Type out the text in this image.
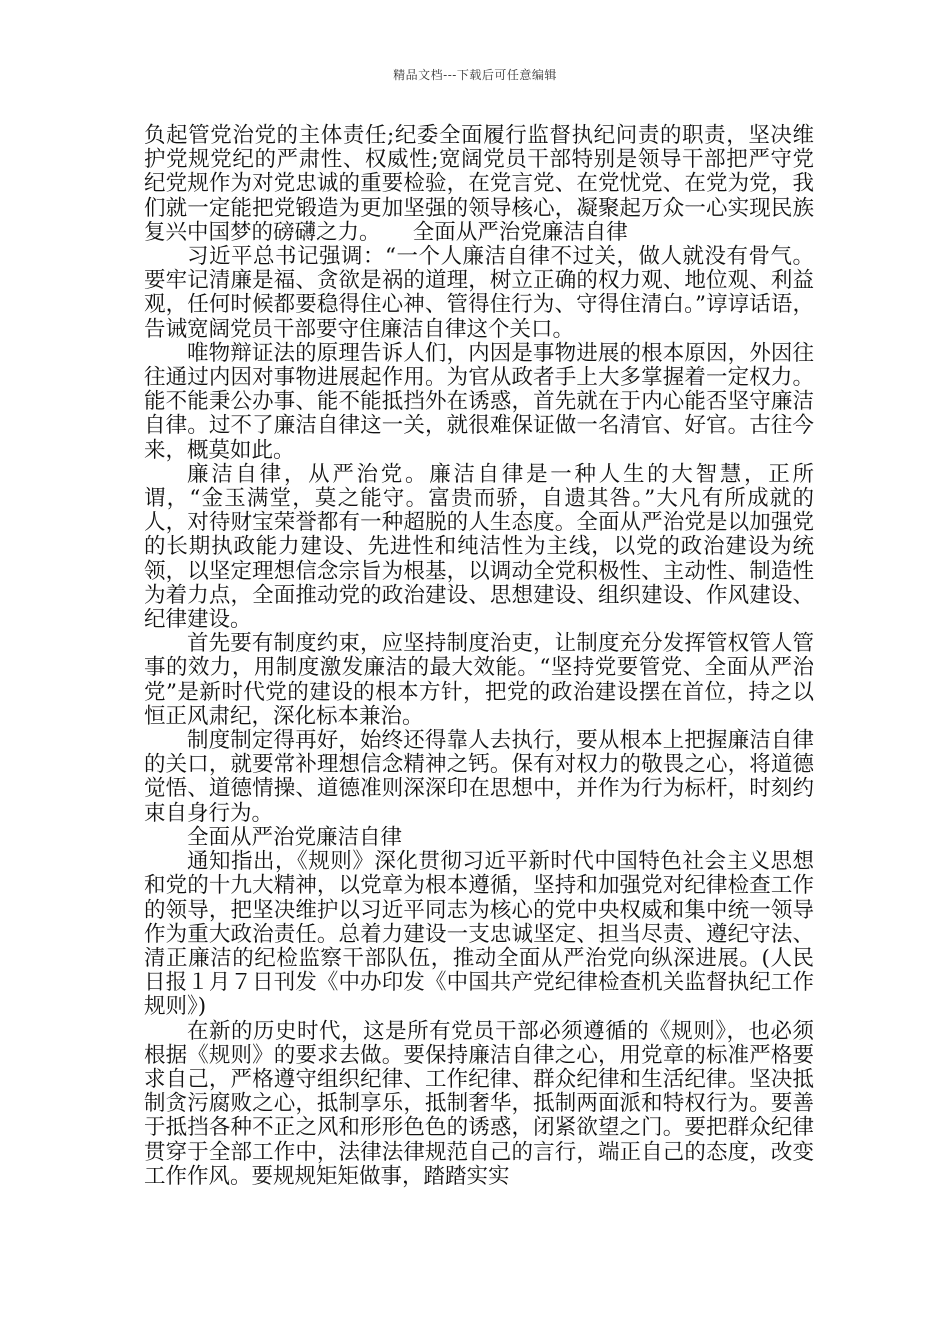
精品文档---下载后可任意编辑

负起管党治党的主体责任;纪委全面履行监督执纪问责的职责，坚决维护党规党纪的严肃性、权威性;宽阔党员干部特别是领导干部把严守党纪党规作为对党忠诚的重要检验，在党言党、在党忧党、在党为党，我们就一定能把党锻造为更加坚强的领导核心，凝聚起万众一心实现民族复兴中国梦的磅礴之力。　　全面从严治党廉洁自律

习近平总书记强调：“一个人廉洁自律不过关，做人就没有骨气。要牢记清廉是福、贪欲是祸的道理，树立正确的权力观、地位观、利益观，任何时候都要稳得住心神、管得住行为、守得住清白。”谆谆话语，告诫宽阔党员干部要守住廉洁自律这个关口。

唯物辩证法的原理告诉人们，内因是事物进展的根本原因，外因往往通过内因对事物进展起作用。为官从政者手上大多掌握着一定权力。能不能秉公办事、能不能抵挡外在诱惑，首先就在于内心能否坚守廉洁自律。过不了廉洁自律这一关，就很难保证做一名清官、好官。古往今来，概莫如此。

廉洁自律，从严治党。廉洁自律是一种人生的大智慧，正所谓，“金玉满堂，莫之能守。富贵而骄，自遗其咎。”大凡有所成就的人，对待财宝荣誉都有一种超脱的人生态度。全面从严治党是以加强党的长期执政能力建设、先进性和纯洁性为主线，以党的政治建设为统领，以坚定理想信念宗旨为根基，以调动全党积极性、主动性、制造性为着力点，全面推动党的政治建设、思想建设、组织建设、作风建设、纪律建设。

首先要有制度约束，应坚持制度治吏，让制度充分发挥管权管人管事的效力，用制度激发廉洁的最大效能。“坚持党要管党、全面从严治党”是新时代党的建设的根本方针，把党的政治建设摆在首位，持之以恒正风肃纪，深化标本兼治。

制度制定得再好，始终还得靠人去执行，要从根本上把握廉洁自律的关口，就要常补理想信念精神之钙。保有对权力的敬畏之心，将道德觉悟、道德情操、道德准则深深印在思想中，并作为行为标杆，时刻约束自身行为。

全面从严治党廉洁自律

通知指出，《规则》深化贯彻习近平新时代中国特色社会主义思想和党的十九大精神，以党章为根本遵循，坚持和加强党对纪律检查工作的领导，把坚决维护以习近平同志为核心的党中央权威和集中统一领导作为重大政治责任。总着力建设一支忠诚坚定、担当尽责、遵纪守法、清正廉洁的纪检监察干部队伍，推动全面从严治党向纵深进展。(人民日报１月７日刊发《中办印发《中国共产党纪律检查机关监督执纪工作规则》)

在新的历史时代，这是所有党员干部必须遵循的《规则》，也必须根据《规则》的要求去做。要保持廉洁自律之心，用党章的标准严格要求自己，严格遵守组织纪律、工作纪律、群众纪律和生活纪律。坚决抵制贪污腐败之心，抵制享乐，抵制奢华，抵制两面派和特权行为。要善于抵挡各种不正之风和形形色色的诱惑，闭紧欲望之门。要把群众纪律贯穿于全部工作中，法律法律规范自己的言行，端正自己的态度，改变工作作风。要规规矩矩做事，踏踏实实
